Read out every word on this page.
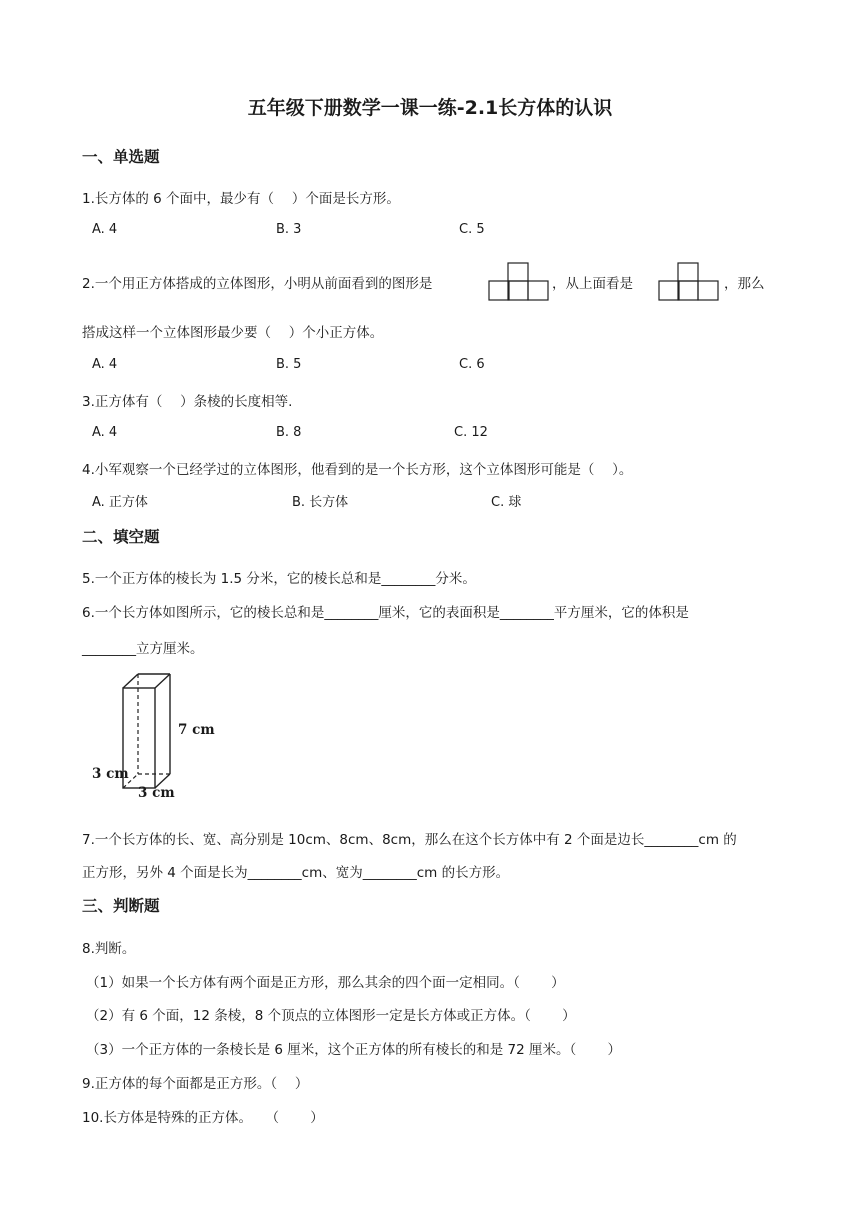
五年级下册数学一课一练-2.1长方体的认识
一、单选题
1.长方体的 6 个面中，最少有（　 ）个面是长方形。
A. 4	B. 3	C. 5
2.一个用正方体搭成的立体图形，小明从前面看到的图形是	，从上面看是	，那么
搭成这样一个立体图形最少要（　 ）个小正方体。
A. 4	B. 5	C. 6
3.正方体有（　 ）条棱的长度相等.
A. 4	B. 8	C. 12
4.小军观察一个已经学过的立体图形，他看到的是一个长方形，这个立体图形可能是（　 ）。
A. 正方体	B. 长方体	C. 球
二、填空题
5.一个正方体的棱长为 1.5 分米，它的棱长总和是________分米。
6.一个长方体如图所示，它的棱长总和是________厘米，它的表面积是________平方厘米，它的体积是
________立方厘米。
7 cm
3 cm
3 cm
7.一个长方体的长、宽、高分别是 10cm、8cm、8cm，那么在这个长方体中有 2 个面是边长________cm 的
正方形，另外 4 个面是长为________cm、宽为________cm 的长方形。
三、判断题
8.判断。
（1）如果一个长方体有两个面是正方形，那么其余的四个面一定相同。（　　 ）
（2）有 6 个面，12 条棱，8 个顶点的立体图形一定是长方体或正方体。（　　 ）
（3）一个正方体的一条棱长是 6 厘米，这个正方体的所有棱长的和是 72 厘米。（　　 ）
9.正方体的每个面都是正方形。（　 ）
10.长方体是特殊的正方体。　　（　　 ）
